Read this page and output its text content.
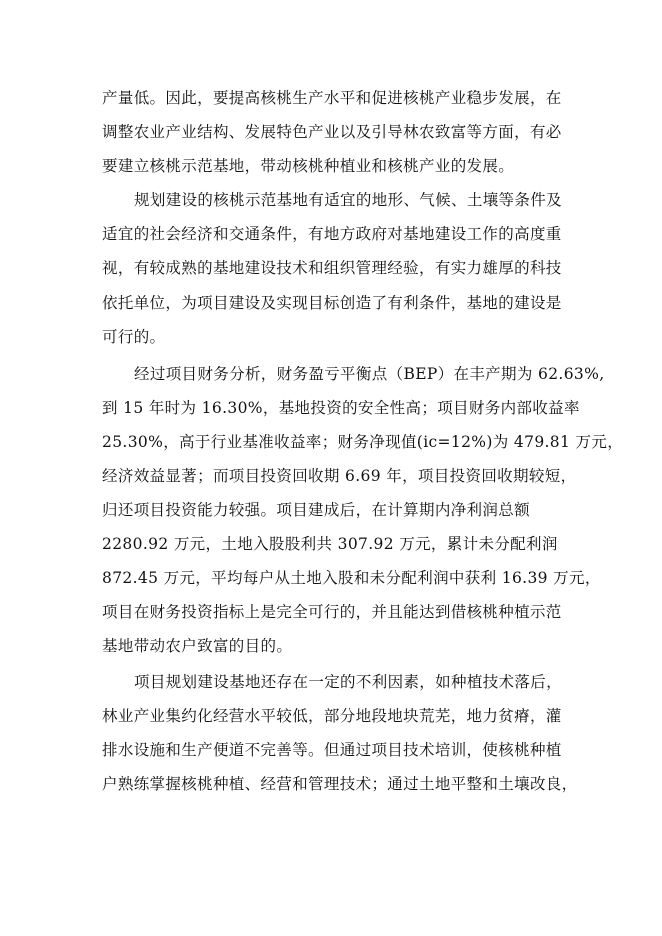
产量低。因此，要提高核桃生产水平和促进核桃产业稳步发展，在
调整农业产业结构、发展特色产业以及引导林农致富等方面，有必
要建立核桃示范基地，带动核桃种植业和核桃产业的发展。
规划建设的核桃示范基地有适宜的地形、气候、土壤等条件及
适宜的社会经济和交通条件，有地方政府对基地建设工作的高度重
视，有较成熟的基地建设技术和组织管理经验，有实力雄厚的科技
依托单位，为项目建设及实现目标创造了有利条件，基地的建设是
可行的。
经过项目财务分析，财务盈亏平衡点（BEP）在丰产期为 62.63%,
到 15 年时为 16.30%，基地投资的安全性高；项目财务内部收益率
25.30%，高于行业基准收益率；财务净现值(ic=12%)为 479.81 万元，
经济效益显著；而项目投资回收期 6.69 年，项目投资回收期较短，
归还项目投资能力较强。项目建成后，在计算期内净利润总额
2280.92 万元，土地入股股利共 307.92 万元，累计未分配利润
872.45 万元，平均每户从土地入股和未分配利润中获利 16.39 万元，
项目在财务投资指标上是完全可行的，并且能达到借核桃种植示范
基地带动农户致富的目的。
项目规划建设基地还存在一定的不利因素，如种植技术落后，
林业产业集约化经营水平较低，部分地段地块荒芜，地力贫瘠，灌
排水设施和生产便道不完善等。但通过项目技术培训，使核桃种植
户熟练掌握核桃种植、经营和管理技术；通过土地平整和土壤改良，
